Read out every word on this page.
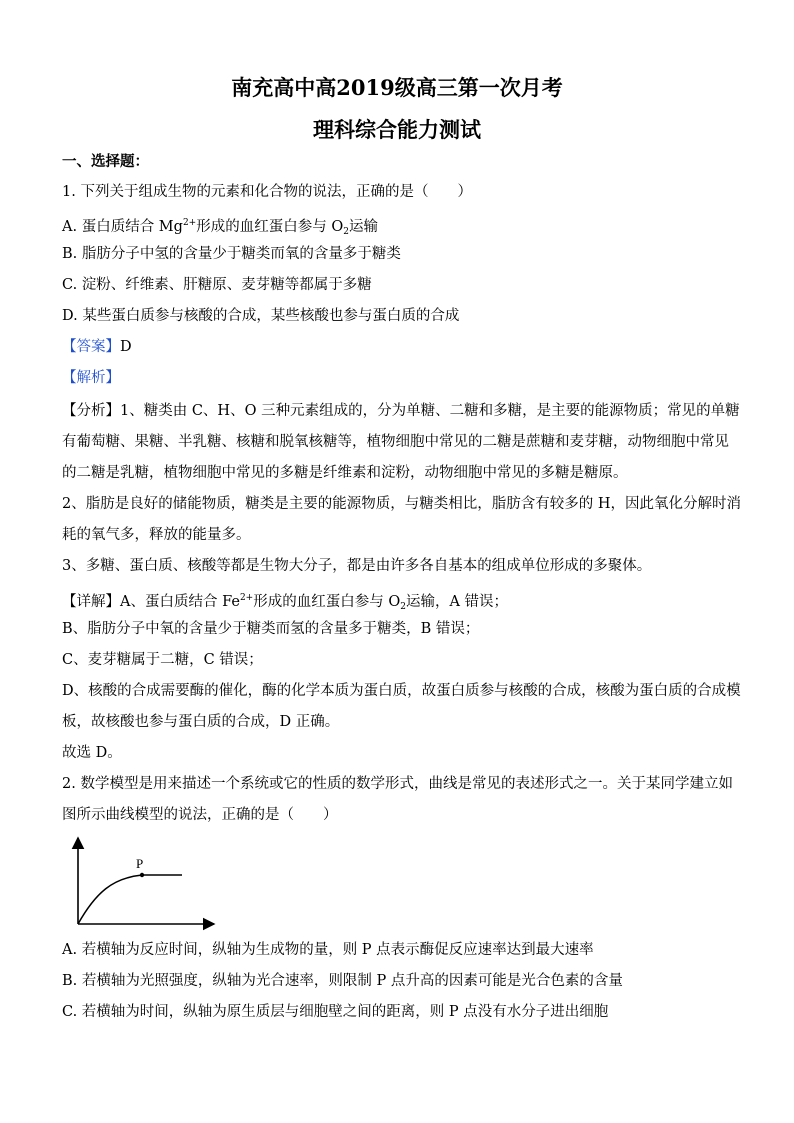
南充高中高2019级高三第一次月考
理科综合能力测试
一、选择题：
1. 下列关于组成生物的元素和化合物的说法，正确的是（　　）
A. 蛋白质结合 $Mg^{2+}$形成的血红蛋白参与 $O_2$运输
B. 脂肪分子中氢的含量少于糖类而氧的含量多于糖类
C. 淀粉、纤维素、肝糖原、麦芽糖等都属于多糖
D. 某些蛋白质参与核酸的合成，某些核酸也参与蛋白质的合成
【答案】D
【解析】
【分析】1、糖类由 C、H、O 三种元素组成的，分为单糖、二糖和多糖，是主要的能源物质；常见的单糖
有葡萄糖、果糖、半乳糖、核糖和脱氧核糖等，植物细胞中常见的二糖是蔗糖和麦芽糖，动物细胞中常见
的二糖是乳糖，植物细胞中常见的多糖是纤维素和淀粉，动物细胞中常见的多糖是糖原。
2、脂肪是良好的储能物质，糖类是主要的能源物质，与糖类相比，脂肪含有较多的 H，因此氧化分解时消
耗的氧气多，释放的能量多。
3、多糖、蛋白质、核酸等都是生物大分子，都是由许多各自基本的组成单位形成的多聚体。
【详解】A、蛋白质结合 $Fe^{2+}$形成的血红蛋白参与 $O_2$运输，A 错误；
B、脂肪分子中氧的含量少于糖类而氢的含量多于糖类，B 错误；
C、麦芽糖属于二糖，C 错误；
D、核酸的合成需要酶的催化，酶的化学本质为蛋白质，故蛋白质参与核酸的合成，核酸为蛋白质的合成模
板，故核酸也参与蛋白质的合成，D 正确。
故选 D。
2. 数学模型是用来描述一个系统或它的性质的数学形式，曲线是常见的表述形式之一。关于某同学建立如
图所示曲线模型的说法，正确的是（　　）
P
A. 若横轴为反应时间，纵轴为生成物的量，则 P 点表示酶促反应速率达到最大速率
B. 若横轴为光照强度，纵轴为光合速率，则限制 P 点升高的因素可能是光合色素的含量
C. 若横轴为时间，纵轴为原生质层与细胞壁之间的距离，则 P 点没有水分子进出细胞
